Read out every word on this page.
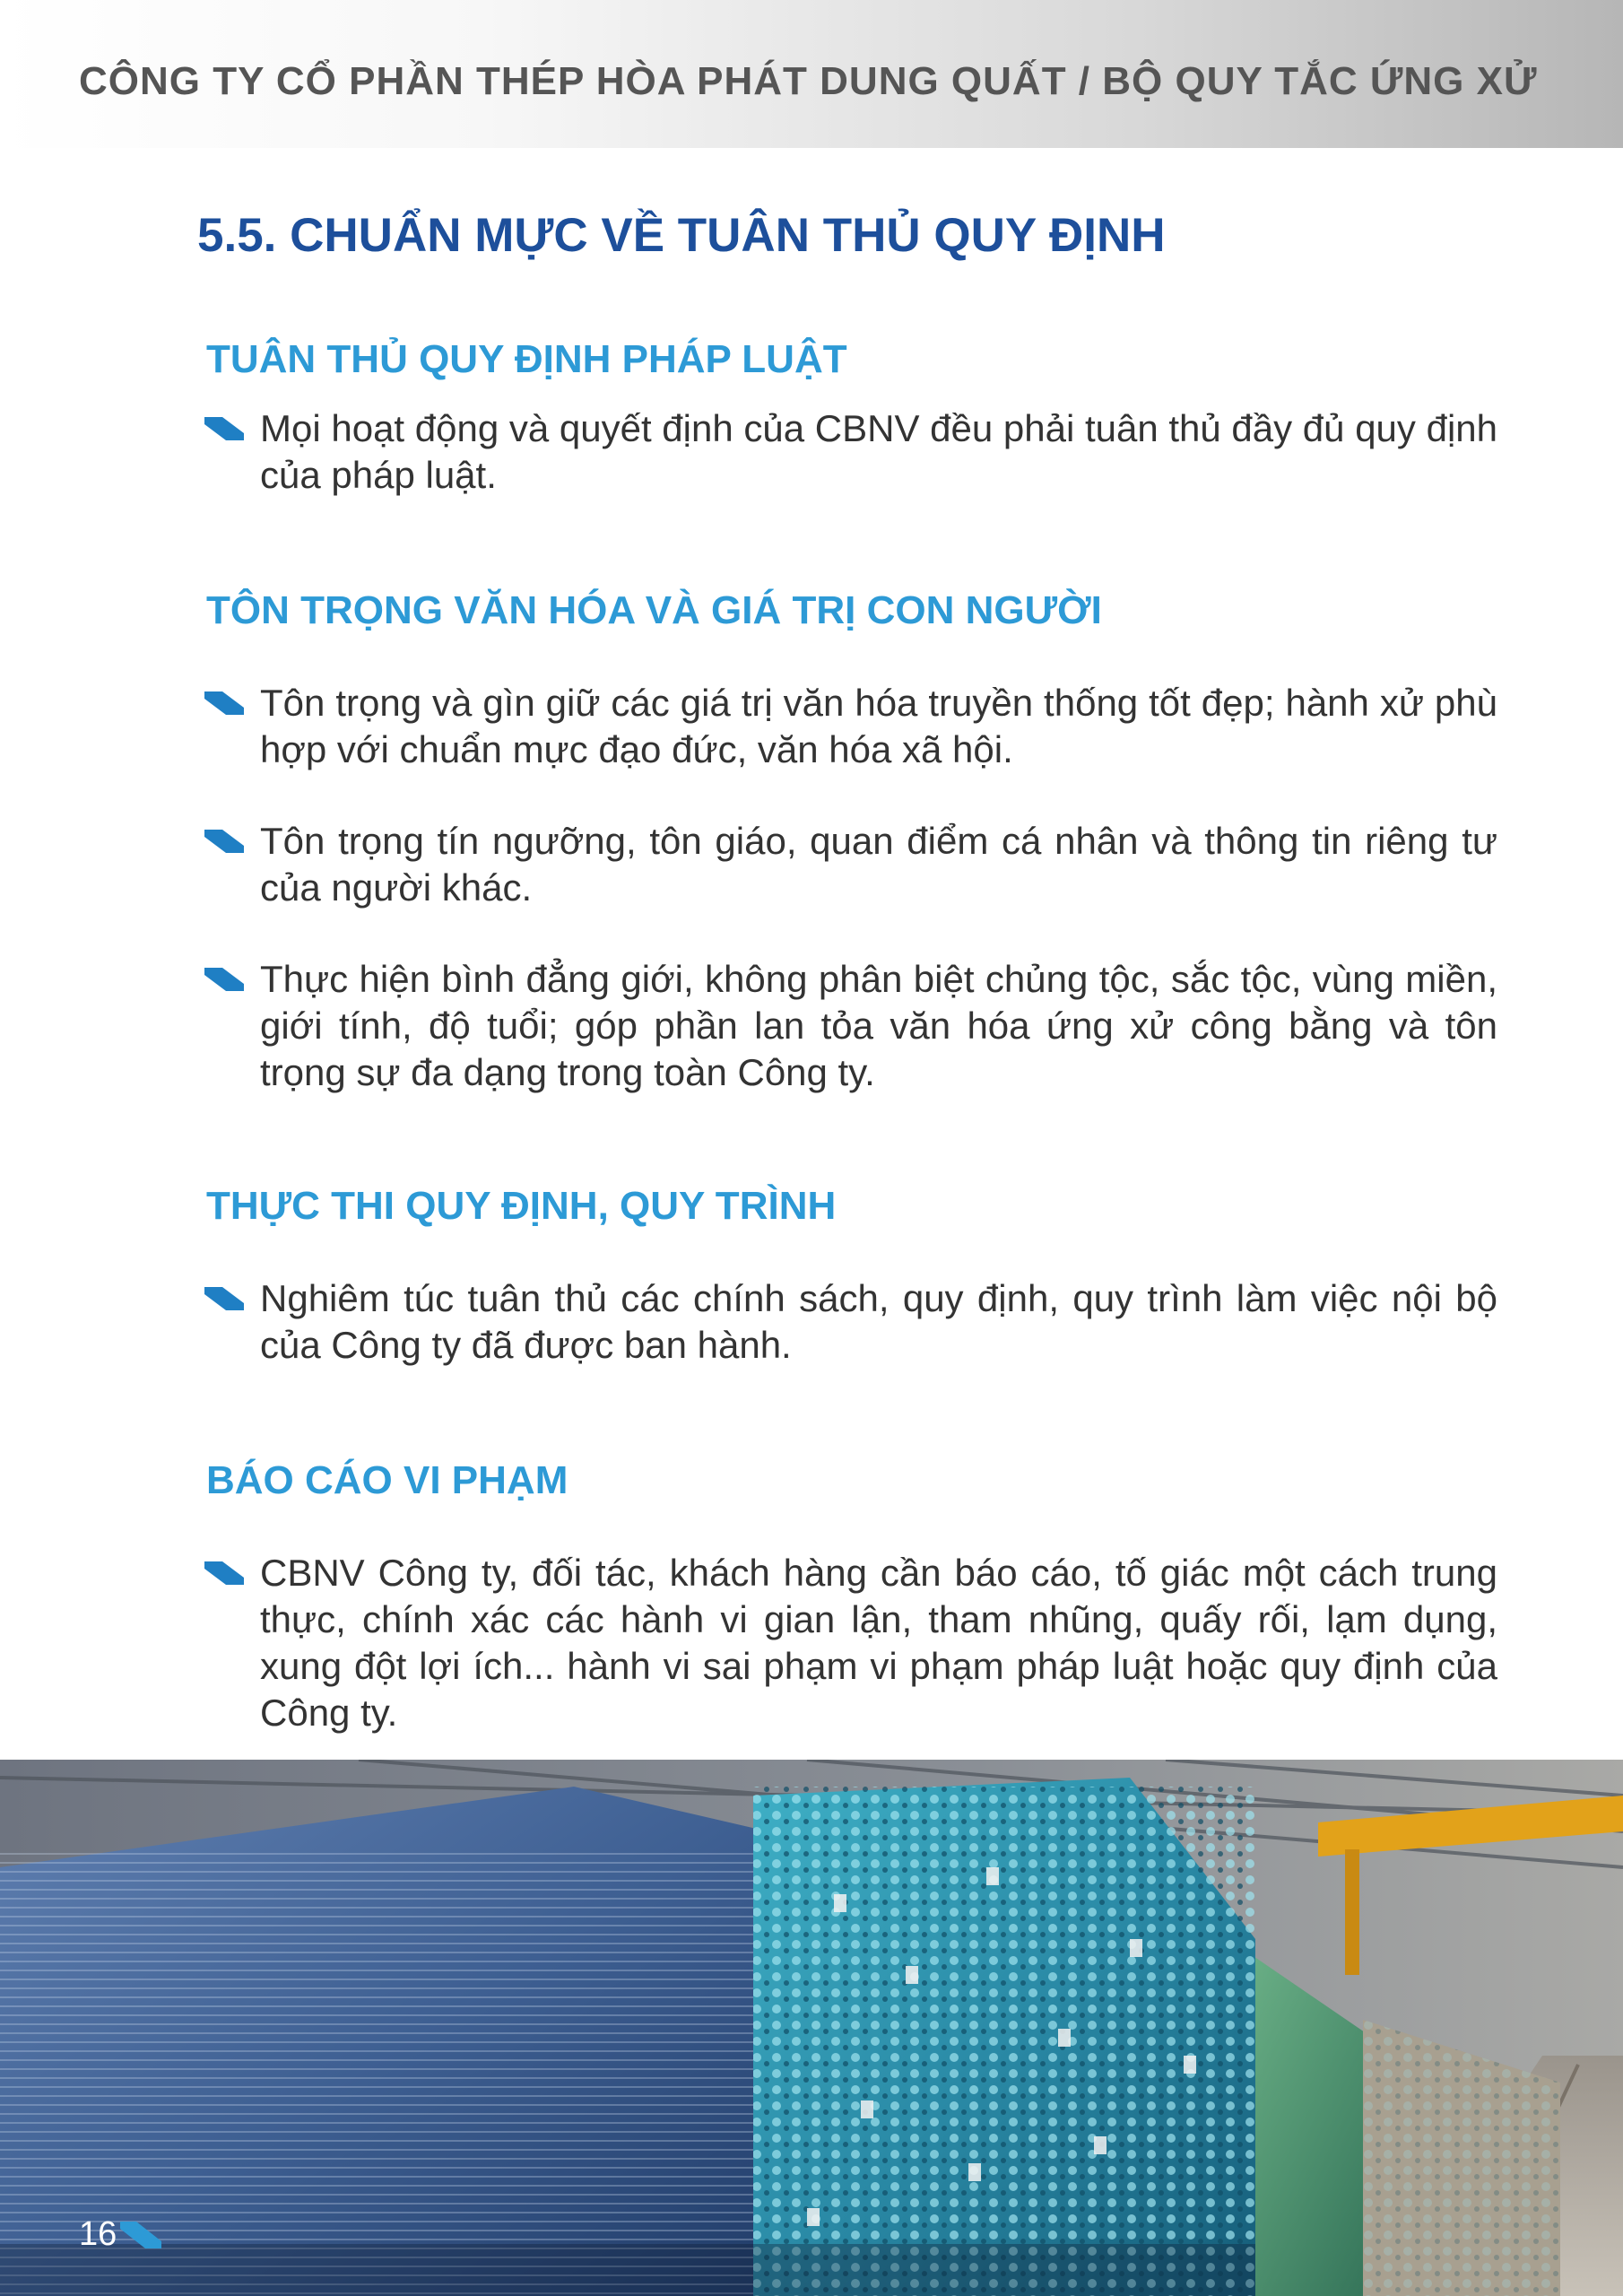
CÔNG TY CỔ PHẦN THÉP HÒA PHÁT DUNG QUẤT / BỘ QUY TẮC ỨNG XỬ
5.5. CHUẨN MỰC VỀ TUÂN THỦ QUY ĐỊNH
TUÂN THỦ QUY ĐỊNH PHÁP LUẬT
Mọi hoạt động và quyết định của CBNV đều phải tuân thủ đầy đủ quy định của pháp luật.
TÔN TRỌNG VĂN HÓA VÀ GIÁ TRỊ CON NGƯỜI
Tôn trọng và gìn giữ các giá trị văn hóa truyền thống tốt đẹp; hành xử phù hợp với chuẩn mực đạo đức, văn hóa xã hội.
Tôn trọng tín ngưỡng, tôn giáo, quan điểm cá nhân và thông tin riêng tư của người khác.
Thực hiện bình đẳng giới, không phân biệt chủng tộc, sắc tộc, vùng miền, giới tính, độ tuổi; góp phần lan tỏa văn hóa ứng xử công bằng và tôn trọng sự đa dạng trong toàn Công ty.
THỰC THI QUY ĐỊNH, QUY TRÌNH
Nghiêm túc tuân thủ các chính sách, quy định, quy trình làm việc nội bộ của Công ty đã được ban hành.
BÁO CÁO VI PHẠM
CBNV Công ty, đối tác, khách hàng cần báo cáo, tố giác một cách trung thực, chính xác các hành vi gian lận, tham nhũng, quấy rối, lạm dụng, xung đột lợi ích... hành vi sai phạm vi phạm pháp luật hoặc quy định của Công ty.
16
